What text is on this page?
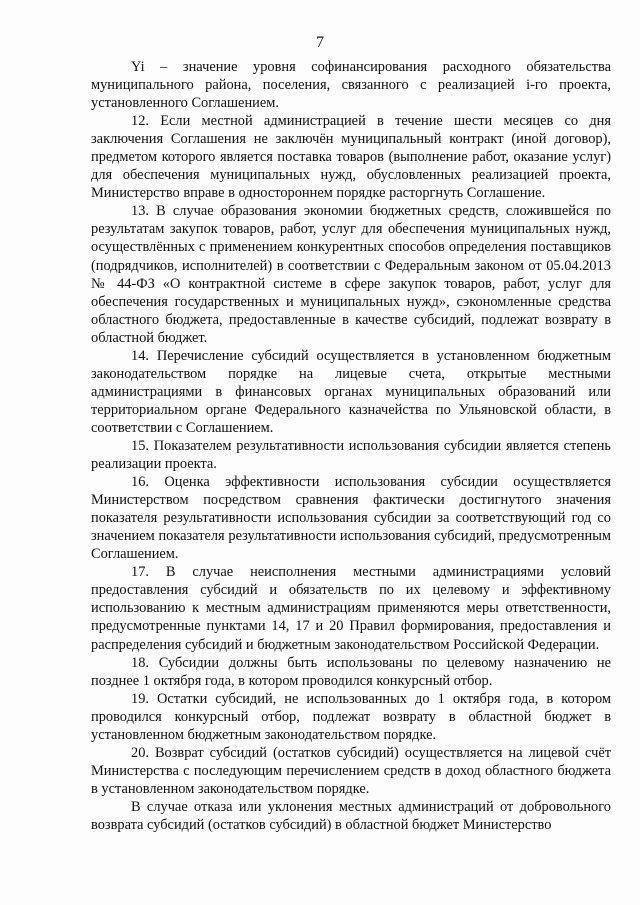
7

Yi – значение уровня софинансирования расходного обязательства муниципального района, поселения, связанного с реализацией i-го проекта, установленного Соглашением.

12. Если местной администрацией в течение шести месяцев со дня заключения Соглашения не заключён муниципальный контракт (иной договор), предметом которого является поставка товаров (выполнение работ, оказание услуг) для обеспечения муниципальных нужд, обусловленных реализацией проекта, Министерство вправе в одностороннем порядке расторгнуть Соглашение.

13. В случае образования экономии бюджетных средств, сложившейся по результатам закупок товаров, работ, услуг для обеспечения муниципальных нужд, осуществлённых с применением конкурентных способов определения поставщиков (подрядчиков, исполнителей) в соответствии с Федеральным законом от 05.04.2013 № 44-ФЗ «О контрактной системе в сфере закупок товаров, работ, услуг для обеспечения государственных и муниципальных нужд», сэкономленные средства областного бюджета, предоставленные в качестве субсидий, подлежат возврату в областной бюджет.

14. Перечисление субсидий осуществляется в установленном бюджетным законодательством порядке на лицевые счета, открытые местными администрациями в финансовых органах муниципальных образований или территориальном органе Федерального казначейства по Ульяновской области, в соответствии с Соглашением.

15. Показателем результативности использования субсидии является степень реализации проекта.

16. Оценка эффективности использования субсидии осуществляется Министерством посредством сравнения фактически достигнутого значения показателя результативности использования субсидии за соответствующий год со значением показателя результативности использования субсидий, предусмотренным Соглашением.

17. В случае неисполнения местными администрациями условий предоставления субсидий и обязательств по их целевому и эффективному использованию к местным администрациям применяются меры ответственности, предусмотренные пунктами 14, 17 и 20 Правил формирования, предоставления и распределения субсидий и бюджетным законодательством Российской Федерации.

18. Субсидии должны быть использованы по целевому назначению не позднее 1 октября года, в котором проводился конкурсный отбор.

19. Остатки субсидий, не использованных до 1 октября года, в котором проводился конкурсный отбор, подлежат возврату в областной бюджет в установленном бюджетным законодательством порядке.

20. Возврат субсидий (остатков субсидий) осуществляется на лицевой счёт Министерства с последующим перечислением средств в доход областного бюджета в установленном законодательством порядке.

В случае отказа или уклонения местных администраций от добровольного возврата субсидий (остатков субсидий) в областной бюджет Министерство
